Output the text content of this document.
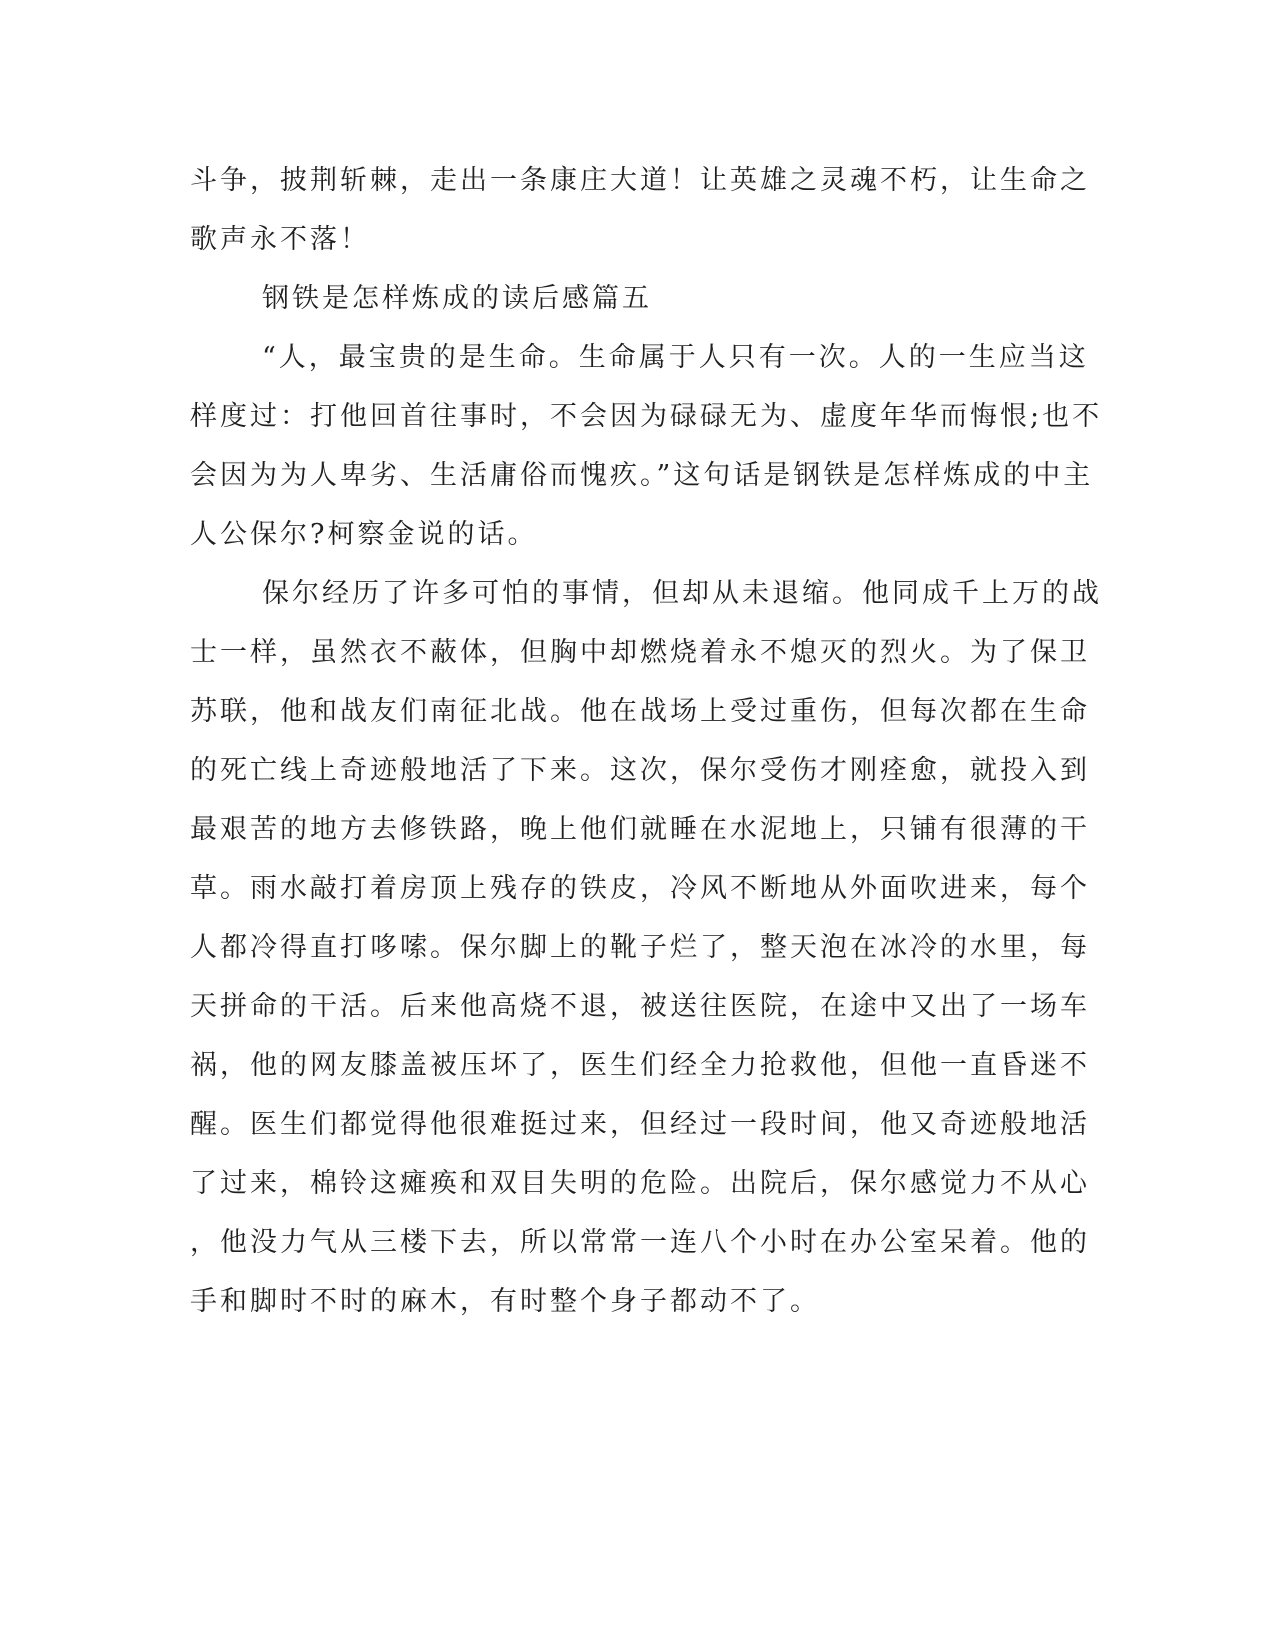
斗争，披荆斩棘，走出一条康庄大道！让英雄之灵魂不朽，让生命之
歌声永不落！
钢铁是怎样炼成的读后感篇五
“人，最宝贵的是生命。生命属于人只有一次。人的一生应当这
样度过：打他回首往事时，不会因为碌碌无为、虚度年华而悔恨;也不
会因为为人卑劣、生活庸俗而愧疚。”这句话是钢铁是怎样炼成的中主
人公保尔?柯察金说的话。
保尔经历了许多可怕的事情，但却从未退缩。他同成千上万的战
士一样，虽然衣不蔽体，但胸中却燃烧着永不熄灭的烈火。为了保卫
苏联，他和战友们南征北战。他在战场上受过重伤，但每次都在生命
的死亡线上奇迹般地活了下来。这次，保尔受伤才刚痊愈，就投入到
最艰苦的地方去修铁路，晚上他们就睡在水泥地上，只铺有很薄的干
草。雨水敲打着房顶上残存的铁皮，冷风不断地从外面吹进来，每个
人都冷得直打哆嗦。保尔脚上的靴子烂了，整天泡在冰冷的水里，每
天拼命的干活。后来他高烧不退，被送往医院，在途中又出了一场车
祸，他的网友膝盖被压坏了，医生们经全力抢救他，但他一直昏迷不
醒。医生们都觉得他很难挺过来，但经过一段时间，他又奇迹般地活
了过来，棉铃这瘫痪和双目失明的危险。出院后，保尔感觉力不从心
，他没力气从三楼下去，所以常常一连八个小时在办公室呆着。他的
手和脚时不时的麻木，有时整个身子都动不了。
